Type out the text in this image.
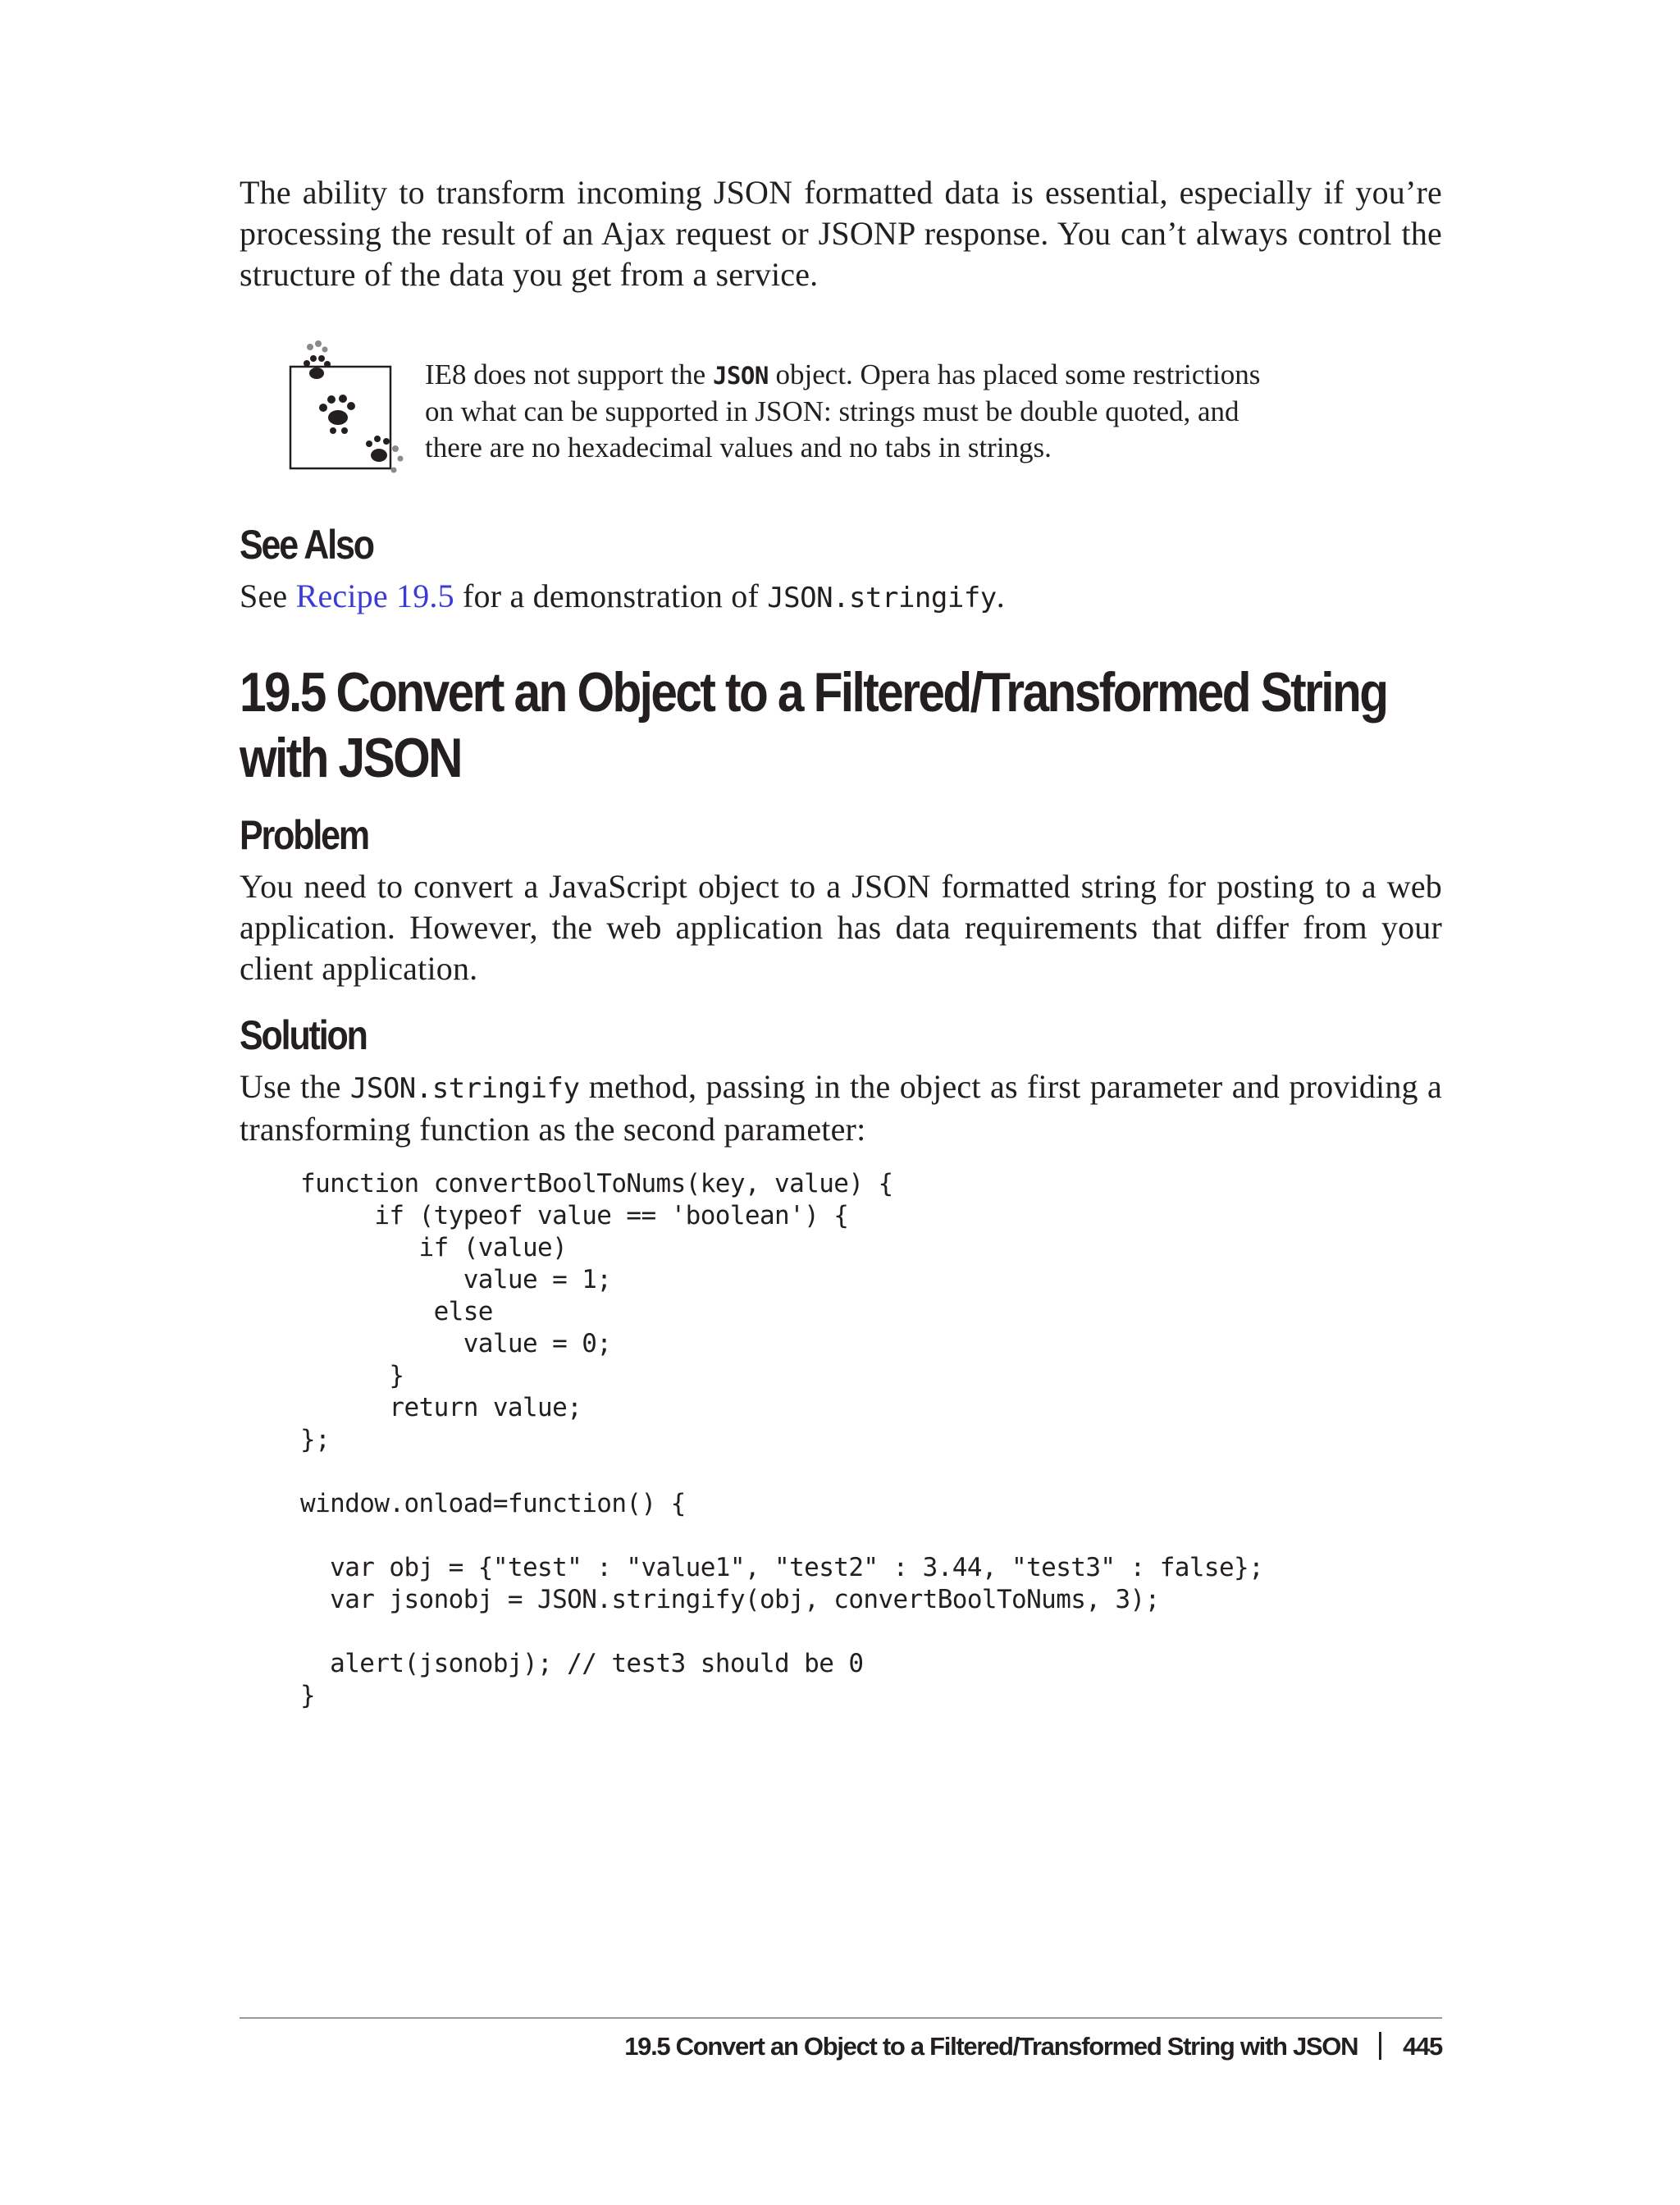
The ability to transform incoming JSON formatted data is essential, especially if you’re processing the result of an Ajax request or JSONP response. You can’t always control the structure of the data you get from a service.

IE8 does not support the JSON object. Opera has placed some restrictions on what can be supported in JSON: strings must be double quoted, and there are no hexadecimal values and no tabs in strings.

See Also

See Recipe 19.5 for a demonstration of JSON.stringify.

19.5 Convert an Object to a Filtered/Transformed String with JSON
Problem

You need to convert a JavaScript object to a JSON formatted string for posting to a web application. However, the web application has data requirements that differ from your client application.

Solution

Use the JSON.stringify method, passing in the object as first parameter and providing a transforming function as the second parameter:

function convertBoolToNums(key, value) {
if (typeof value == 'boolean') {
if (value)
value = 1;
else
value = 0;
}
return value;
};

window.onload=function() {

var obj = {"test" : "value1", "test2" : 3.44, "test3" : false};
var jsonobj = JSON.stringify(obj, convertBoolToNums, 3);

alert(jsonobj); // test3 should be 0
}
19.5 Convert an Object to a Filtered/Transformed String with JSON 445
